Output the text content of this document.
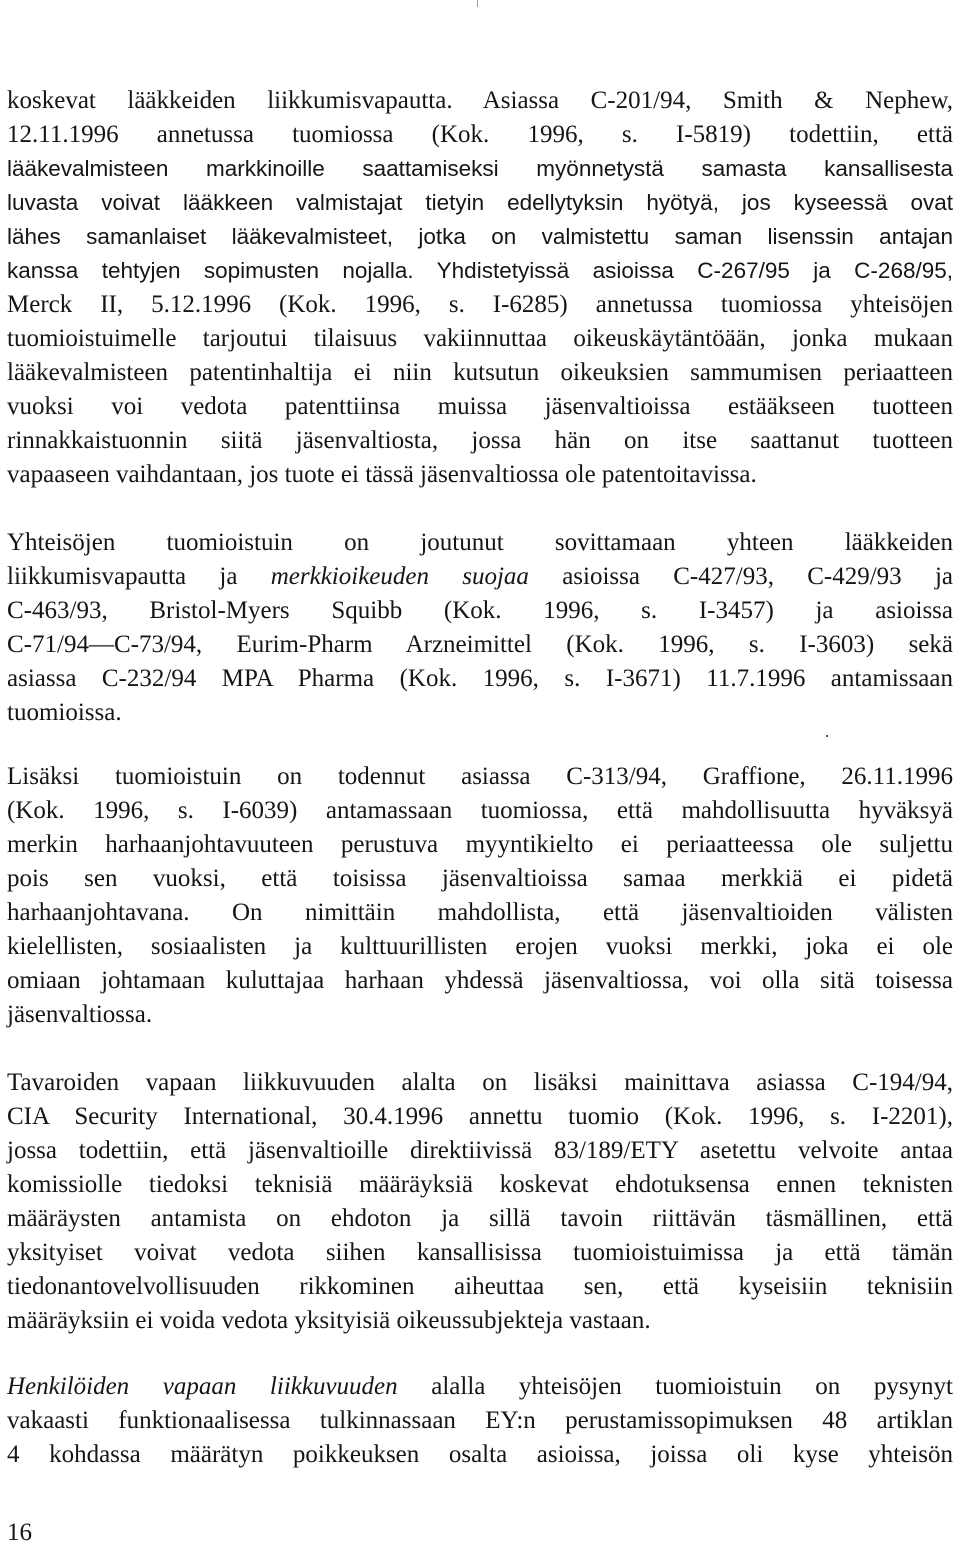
koskevat lääkkeiden liikkumisvapautta. Asiassa C-201/94, Smith & Nephew,
12.11.1996 annetussa tuomiossa (Kok. 1996, s. I-5819) todettiin, että
lääkevalmisteen markkinoille saattamiseksi myönnetystä samasta kansallisesta
luvasta voivat lääkkeen valmistajat tietyin edellytyksin hyötyä, jos kyseessä ovat
lähes samanlaiset lääkevalmisteet, jotka on valmistettu saman lisenssin antajan
kanssa tehtyjen sopimusten nojalla. Yhdistetyissä asioissa C-267/95 ja C-268/95,
Merck II, 5.12.1996 (Kok. 1996, s. I-6285) annetussa tuomiossa yhteisöjen
tuomioistuimelle tarjoutui tilaisuus vakiinnuttaa oikeuskäytäntöään, jonka mukaan
lääkevalmisteen patentinhaltija ei niin kutsutun oikeuksien sammumisen periaatteen
vuoksi voi vedota patenttiinsa muissa jäsenvaltioissa estääkseen tuotteen
rinnakkaistuonnin siitä jäsenvaltiosta, jossa hän on itse saattanut tuotteen
vapaaseen vaihdantaan, jos tuote ei tässä jäsenvaltiossa ole patentoitavissa.
Yhteisöjen tuomioistuin on joutunut sovittamaan yhteen lääkkeiden
liikkumisvapautta ja merkkioikeuden suojaa asioissa C-427/93, C-429/93 ja
C-463/93, Bristol-Myers Squibb (Kok. 1996, s. I-3457) ja asioissa
C-71/94—C-73/94, Eurim-Pharm Arzneimittel (Kok. 1996, s. I-3603) sekä
asiassa C-232/94 MPA Pharma (Kok. 1996, s. I-3671) 11.7.1996 antamissaan
tuomioissa.
Lisäksi tuomioistuin on todennut asiassa C-313/94, Graffione, 26.11.1996
(Kok. 1996, s. I-6039) antamassaan tuomiossa, että mahdollisuutta hyväksyä
merkin harhaanjohtavuuteen perustuva myyntikielto ei periaatteessa ole suljettu
pois sen vuoksi, että toisissa jäsenvaltioissa samaa merkkiä ei pidetä
harhaanjohtavana. On nimittäin mahdollista, että jäsenvaltioiden välisten
kielellisten, sosiaalisten ja kulttuurillisten erojen vuoksi merkki, joka ei ole
omiaan johtamaan kuluttajaa harhaan yhdessä jäsenvaltiossa, voi olla sitä toisessa
jäsenvaltiossa.
Tavaroiden vapaan liikkuvuuden alalta on lisäksi mainittava asiassa C-194/94,
CIA Security International, 30.4.1996 annettu tuomio (Kok. 1996, s. I-2201),
jossa todettiin, että jäsenvaltioille direktiivissä 83/189/ETY asetettu velvoite antaa
komissiolle tiedoksi teknisiä määräyksiä koskevat ehdotuksensa ennen teknisten
määräysten antamista on ehdoton ja sillä tavoin riittävän täsmällinen, että
yksityiset voivat vedota siihen kansallisissa tuomioistuimissa ja että tämän
tiedonantovelvollisuuden rikkominen aiheuttaa sen, että kyseisiin teknisiin
määräyksiin ei voida vedota yksityisiä oikeussubjekteja vastaan.
Henkilöiden vapaan liikkuvuuden alalla yhteisöjen tuomioistuin on pysynyt
vakaasti funktionaalisessa tulkinnassaan EY:n perustamissopimuksen 48 artiklan
4 kohdassa määrätyn poikkeuksen osalta asioissa, joissa oli kyse yhteisön
16
